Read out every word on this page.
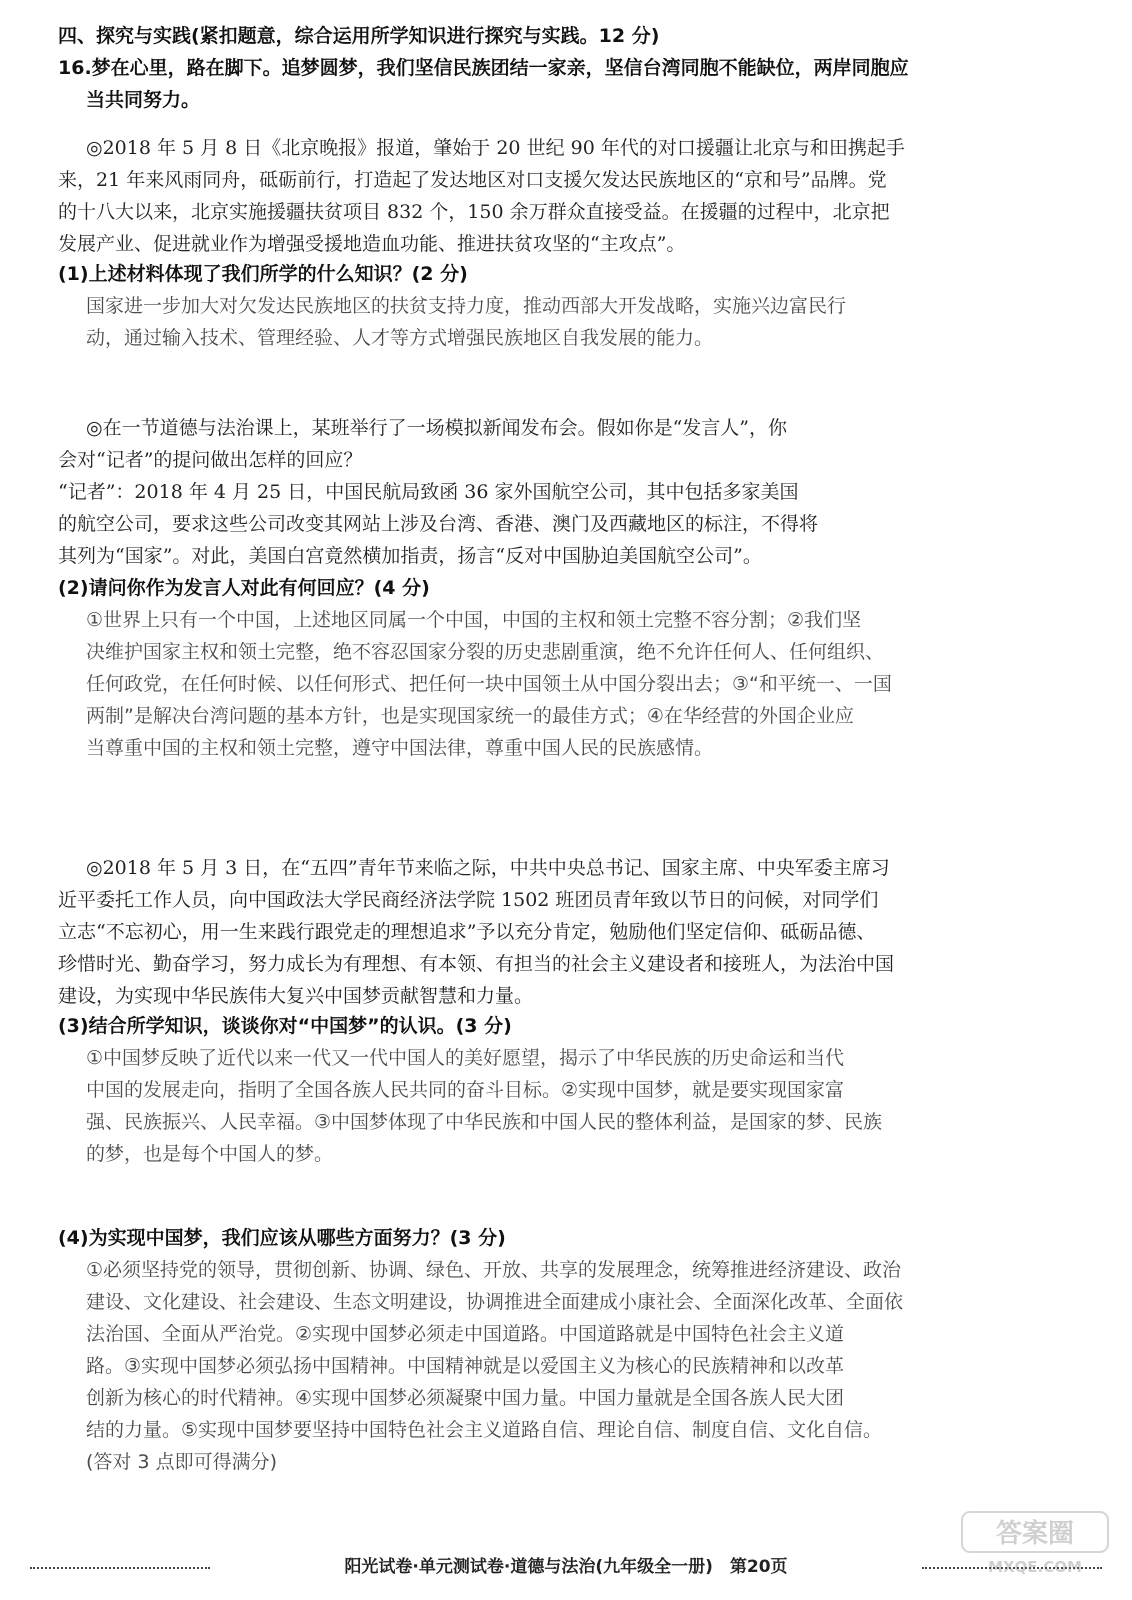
四、探究与实践(紧扣题意，综合运用所学知识进行探究与实践。12 分)
16.梦在心里，路在脚下。追梦圆梦，我们坚信民族团结一家亲，坚信台湾同胞不能缺位，两岸同胞应
当共同努力。
◎2018 年 5 月 8 日《北京晚报》报道，肇始于 20 世纪 90 年代的对口援疆让北京与和田携起手
来，21 年来风雨同舟，砥砺前行，打造起了发达地区对口支援欠发达民族地区的“京和号”品牌。党
的十八大以来，北京实施援疆扶贫项目 832 个，150 余万群众直接受益。在援疆的过程中，北京把
发展产业、促进就业作为增强受援地造血功能、推进扶贫攻坚的“主攻点”。
(1)上述材料体现了我们所学的什么知识？(2 分)
国家进一步加大对欠发达民族地区的扶贫支持力度，推动西部大开发战略，实施兴边富民行
动，通过输入技术、管理经验、人才等方式增强民族地区自我发展的能力。
◎在一节道德与法治课上，某班举行了一场模拟新闻发布会。假如你是“发言人”，你
会对“记者”的提问做出怎样的回应？
“记者”：2018 年 4 月 25 日，中国民航局致函 36 家外国航空公司，其中包括多家美国
的航空公司，要求这些公司改变其网站上涉及台湾、香港、澳门及西藏地区的标注，不得将
其列为“国家”。对此，美国白宫竟然横加指责，扬言“反对中国胁迫美国航空公司”。
(2)请问你作为发言人对此有何回应？(4 分)
①世界上只有一个中国，上述地区同属一个中国，中国的主权和领土完整不容分割；②我们坚
决维护国家主权和领土完整，绝不容忍国家分裂的历史悲剧重演，绝不允许任何人、任何组织、
任何政党，在任何时候、以任何形式、把任何一块中国领土从中国分裂出去；③“和平统一、一国
两制”是解决台湾问题的基本方针，也是实现国家统一的最佳方式；④在华经营的外国企业应
当尊重中国的主权和领土完整，遵守中国法律，尊重中国人民的民族感情。
◎2018 年 5 月 3 日，在“五四”青年节来临之际，中共中央总书记、国家主席、中央军委主席习
近平委托工作人员，向中国政法大学民商经济法学院 1502 班团员青年致以节日的问候，对同学们
立志“不忘初心，用一生来践行跟党走的理想追求”予以充分肯定，勉励他们坚定信仰、砥砺品德、
珍惜时光、勤奋学习，努力成长为有理想、有本领、有担当的社会主义建设者和接班人，为法治中国
建设，为实现中华民族伟大复兴中国梦贡献智慧和力量。
(3)结合所学知识，谈谈你对“中国梦”的认识。(3 分)
①中国梦反映了近代以来一代又一代中国人的美好愿望，揭示了中华民族的历史命运和当代
中国的发展走向，指明了全国各族人民共同的奋斗目标。②实现中国梦，就是要实现国家富
强、民族振兴、人民幸福。③中国梦体现了中华民族和中国人民的整体利益，是国家的梦、民族
的梦，也是每个中国人的梦。
(4)为实现中国梦，我们应该从哪些方面努力？(3 分)
①必须坚持党的领导，贯彻创新、协调、绿色、开放、共享的发展理念，统筹推进经济建设、政治
建设、文化建设、社会建设、生态文明建设，协调推进全面建成小康社会、全面深化改革、全面依
法治国、全面从严治党。②实现中国梦必须走中国道路。中国道路就是中国特色社会主义道
路。③实现中国梦必须弘扬中国精神。中国精神就是以爱国主义为核心的民族精神和以改革
创新为核心的时代精神。④实现中国梦必须凝聚中国力量。中国力量就是全国各族人民大团
结的力量。⑤实现中国梦要坚持中国特色社会主义道路自信、理论自信、制度自信、文化自信。
(答对 3 点即可得满分)
阳光试卷·单元测试卷·道德与法治(九年级全一册)　第20页
答案圈
MXQE.COM
